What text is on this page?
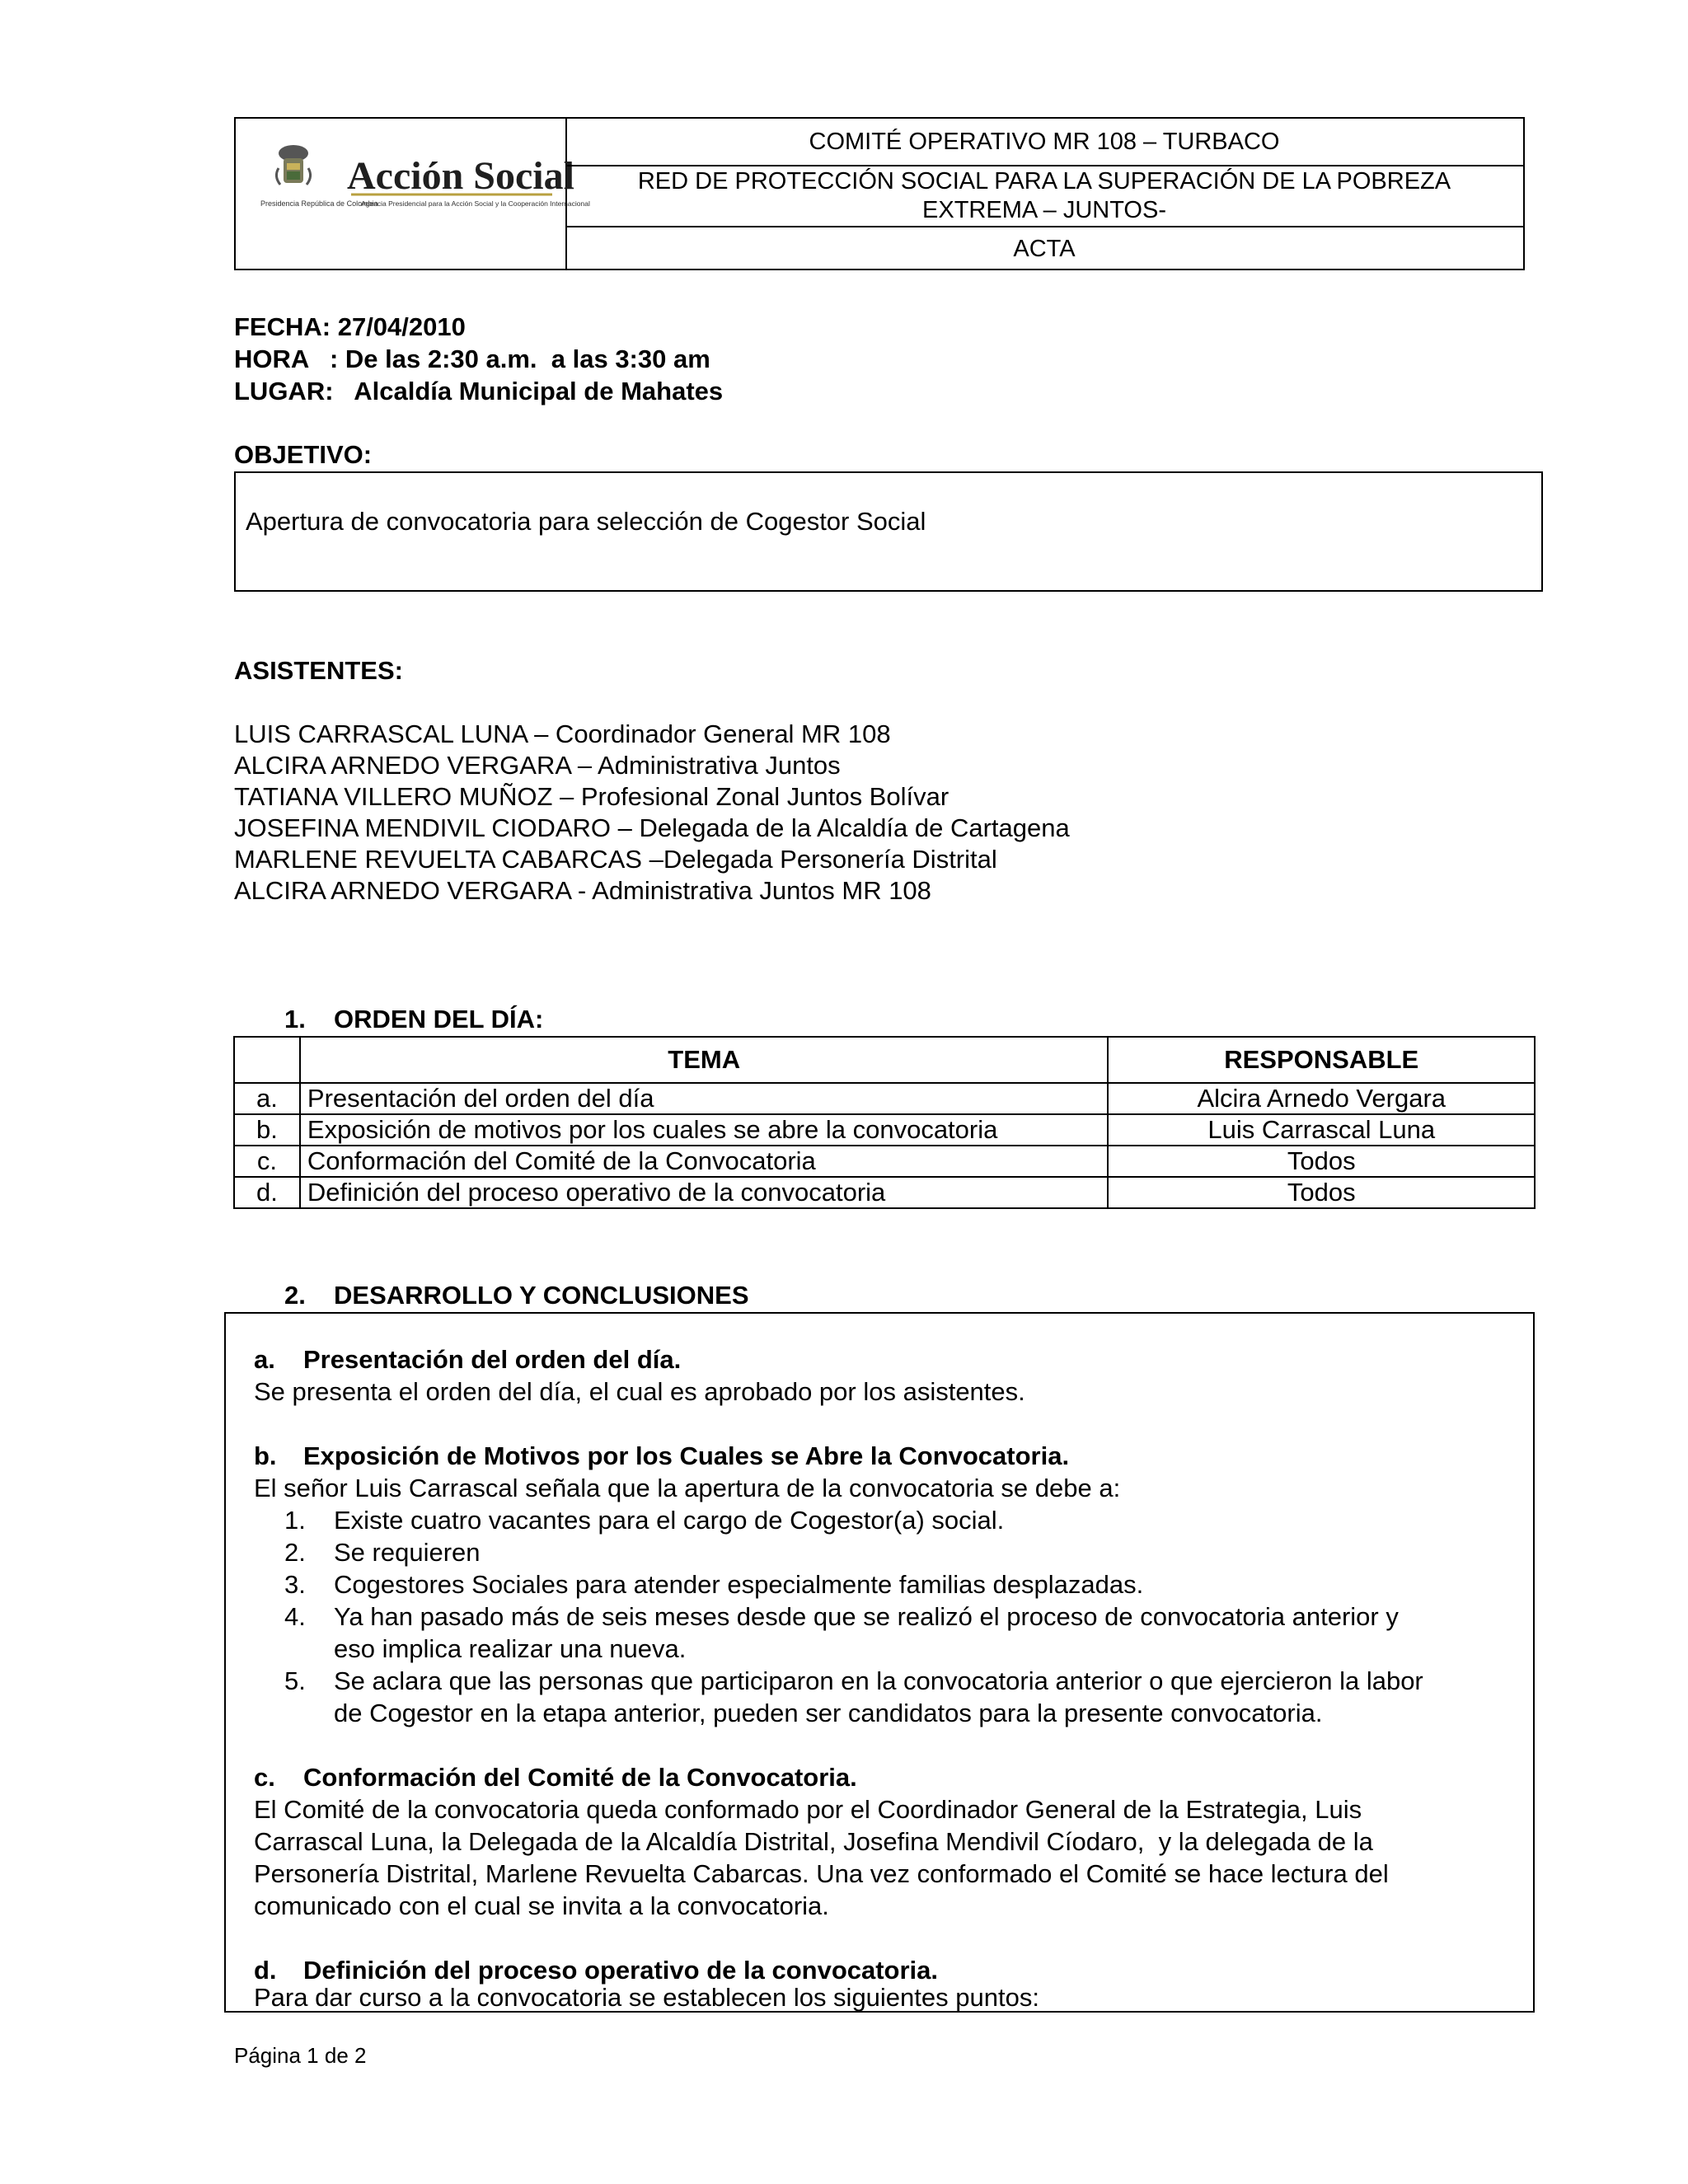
Acción Social
Presidencia República de Colombia
Agencia Presidencial para la Acción Social y la Cooperación Internacional
COMITÉ OPERATIVO MR 108 – TURBACO
RED DE PROTECCIÓN SOCIAL PARA LA SUPERACIÓN DE LA POBREZA EXTREMA – JUNTOS-
ACTA
FECHA: 27/04/2010
HORA   : De las 2:30 a.m.  a las 3:30 am
LUGAR:   Alcaldía Municipal de Mahates
OBJETIVO:
Apertura de convocatoria para selección de Cogestor Social
ASISTENTES:
LUIS CARRASCAL LUNA – Coordinador General MR 108
ALCIRA ARNEDO VERGARA – Administrativa Juntos
TATIANA VILLERO MUÑOZ – Profesional Zonal Juntos Bolívar
JOSEFINA MENDIVIL CIODARO – Delegada de la Alcaldía de Cartagena
MARLENE REVUELTA CABARCAS –Delegada Personería Distrital
ALCIRA ARNEDO VERGARA - Administrativa Juntos MR 108
1. ORDEN DEL DÍA:
	TEMA	RESPONSABLE
a.	Presentación del orden del día	Alcira Arnedo Vergara
b.	Exposición de motivos por los cuales se abre la convocatoria	Luis Carrascal Luna
c.	Conformación del Comité de la Convocatoria	Todos
d.	Definición del proceso operativo de la convocatoria	Todos
2. DESARROLLO Y CONCLUSIONES
a. Presentación del orden del día.
Se presenta el orden del día, el cual es aprobado por los asistentes.
b. Exposición de Motivos por los Cuales se Abre la Convocatoria.
El señor Luis Carrascal señala que la apertura de la convocatoria se debe a:
1. Existe cuatro vacantes para el cargo de Cogestor(a) social.
2. Se requieren
3. Cogestores Sociales para atender especialmente familias desplazadas.
4. Ya han pasado más de seis meses desde que se realizó el proceso de convocatoria anterior y
eso implica realizar una nueva.
5. Se aclara que las personas que participaron en la convocatoria anterior o que ejercieron la labor
de Cogestor en la etapa anterior, pueden ser candidatos para la presente convocatoria.
c. Conformación del Comité de la Convocatoria.
El Comité de la convocatoria queda conformado por el Coordinador General de la Estrategia, Luis
Carrascal Luna, la Delegada de la Alcaldía Distrital, Josefina Mendivil Cíodaro,  y la delegada de la
Personería Distrital, Marlene Revuelta Cabarcas. Una vez conformado el Comité se hace lectura del
comunicado con el cual se invita a la convocatoria.
d. Definición del proceso operativo de la convocatoria.
Para dar curso a la convocatoria se establecen los siguientes puntos:
Página 1 de 2
